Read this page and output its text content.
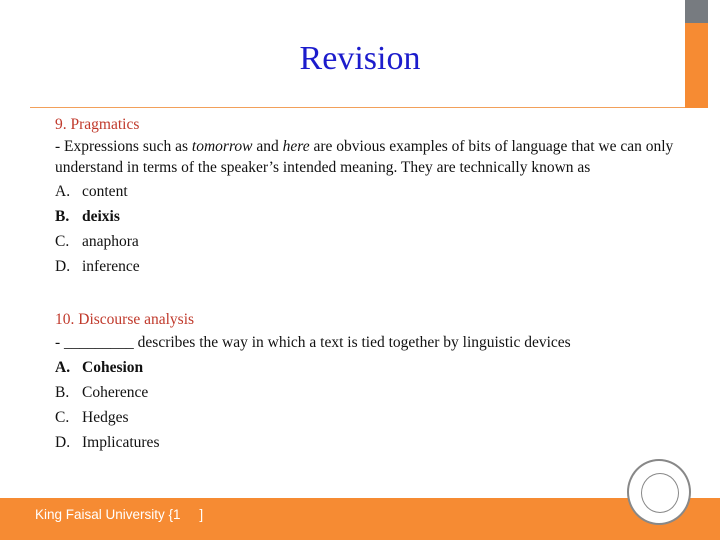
Revision
9. Pragmatics
- Expressions such as tomorrow and here are obvious examples of bits of language that we can only understand in terms of the speaker’s intended meaning. They are technically known as
A. content
B. deixis
C. anaphora
D. inference
10. Discourse analysis
- _________ describes the way in which a text is tied together by linguistic devices
A. Cohesion
B. Coherence
C. Hedges
D. Implicatures
King Faisal University {1     ]
